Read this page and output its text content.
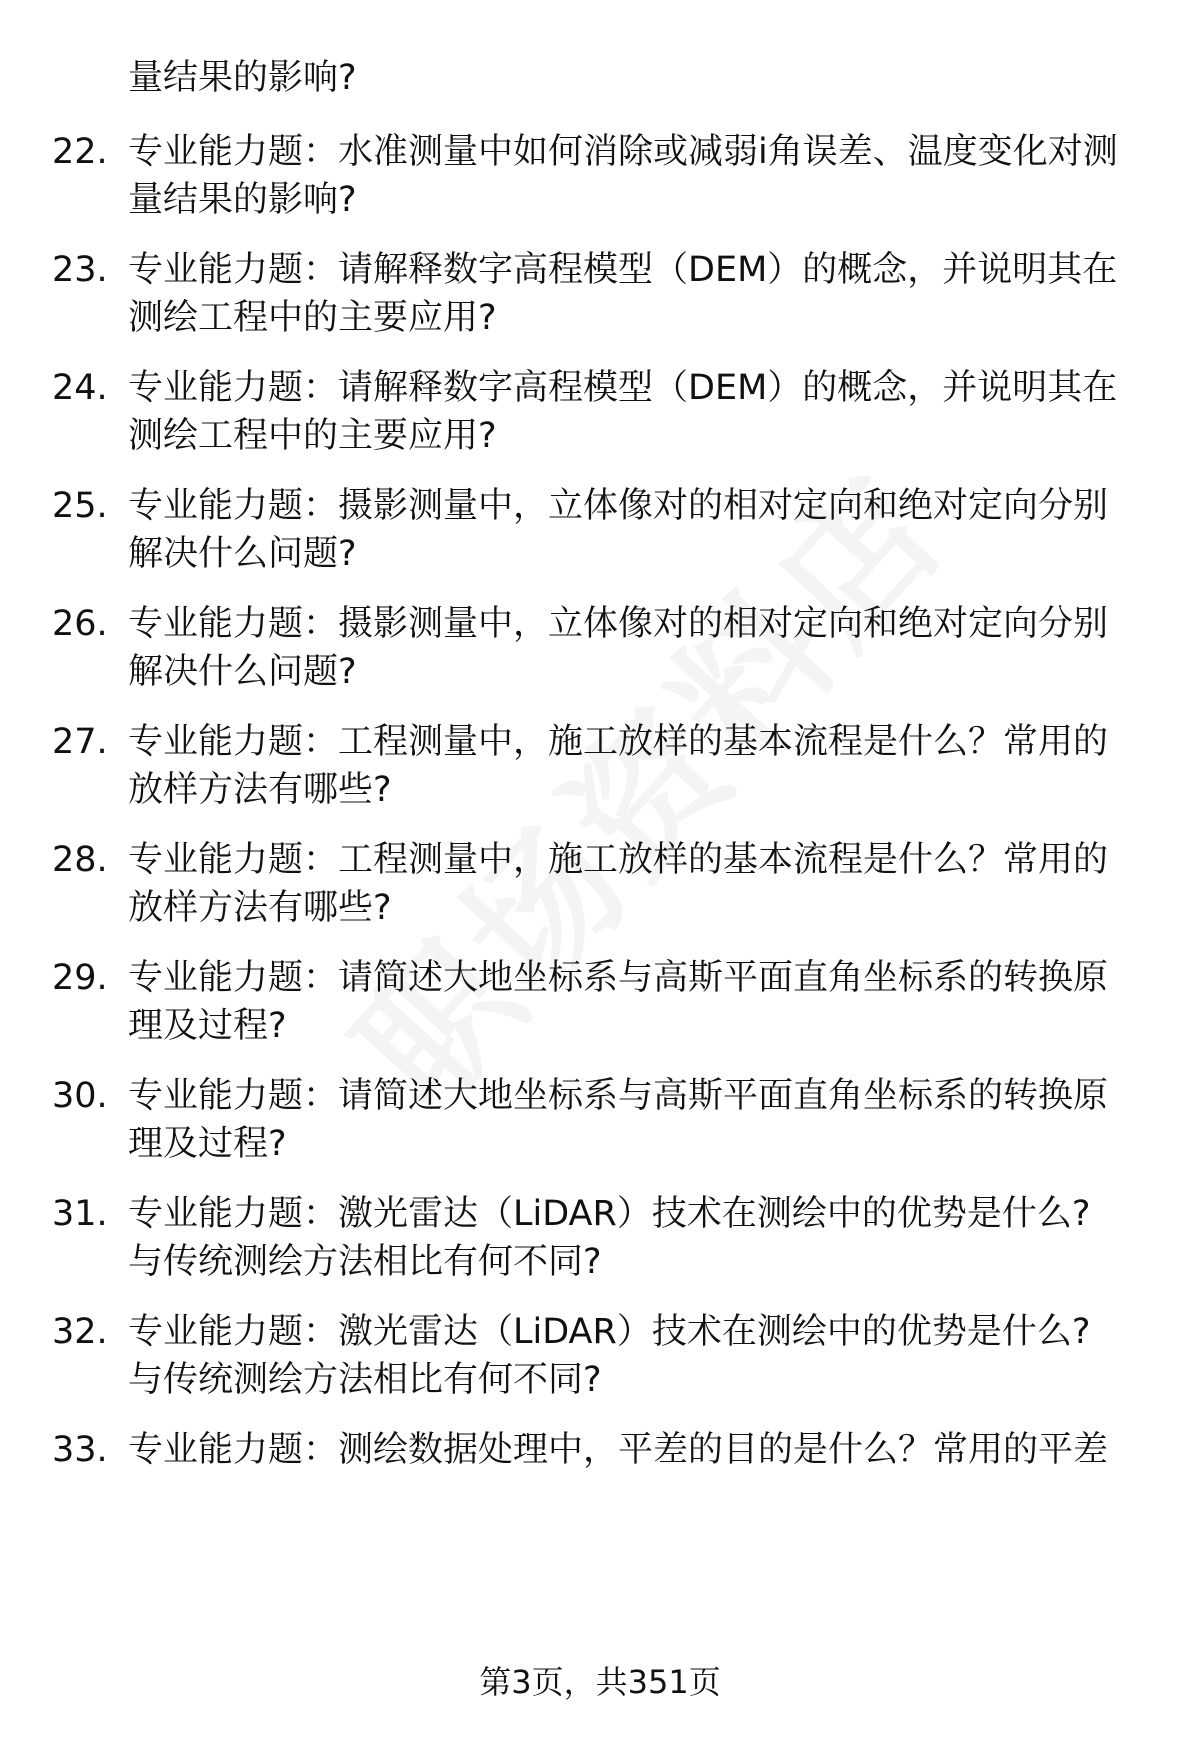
量结果的影响?
22. 专业能力题：水准测量中如何消除或减弱i角误差、温度变化对测
量结果的影响?
23. 专业能力题：请解释数字高程模型（DEM）的概念，并说明其在
测绘工程中的主要应用?
24. 专业能力题：请解释数字高程模型（DEM）的概念，并说明其在
测绘工程中的主要应用?
25. 专业能力题：摄影测量中，立体像对的相对定向和绝对定向分别
解决什么问题?
26. 专业能力题：摄影测量中，立体像对的相对定向和绝对定向分别
解决什么问题?
27. 专业能力题：工程测量中，施工放样的基本流程是什么？常用的
放样方法有哪些?
28. 专业能力题：工程测量中，施工放样的基本流程是什么？常用的
放样方法有哪些?
29. 专业能力题：请简述大地坐标系与高斯平面直角坐标系的转换原
理及过程?
30. 专业能力题：请简述大地坐标系与高斯平面直角坐标系的转换原
理及过程?
31. 专业能力题：激光雷达（LiDAR）技术在测绘中的优势是什么?
与传统测绘方法相比有何不同?
32. 专业能力题：激光雷达（LiDAR）技术在测绘中的优势是什么?
与传统测绘方法相比有何不同?
33. 专业能力题：测绘数据处理中，平差的目的是什么？常用的平差
第3页，共351页
